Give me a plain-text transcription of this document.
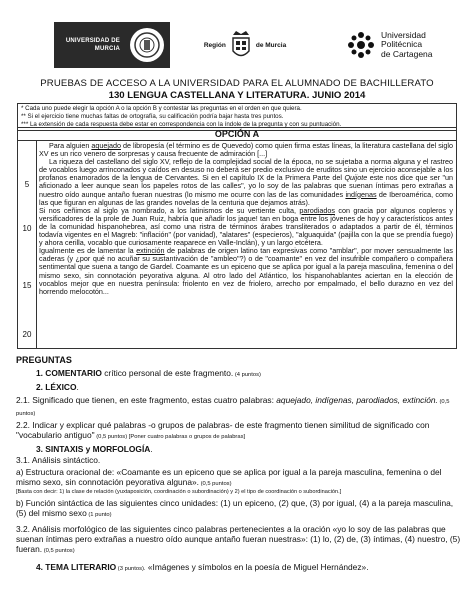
UNIVERSIDAD DE
MURCIA
Región	de Murcia
Universidad
Politécnica
de Cartagena
PRUEBAS DE ACCESO A LA UNIVERSIDAD PARA EL ALUMNADO DE BACHILLERATO
130 LENGUA CASTELLANA Y LITERATURA. JUNIO 2014
* Cada uno puede elegir la opción A o la opción B y contestar las preguntas en el orden en que quiera.
** Si el ejercicio tiene muchas faltas de ortografía, su calificación podría bajar hasta tres puntos.
*** La extensión de cada respuesta debe estar en correspondencia con la índole de la pregunta y con su puntuación.
OPCIÓN A
5
10
15
20

Para alguien aquejado de libropesía (el término es de Quevedo) como quien firma estas líneas, la literatura castellana del siglo XV es un rico venero de sorpresas y causa frecuente de admiración [...]

La riqueza del castellano del siglo XV, reflejo de la complejidad social de la época, no se sujetaba a norma alguna y el rastreo de vocablos luego arrinconados y caídos en desuso no deberá ser predio exclusivo de eruditos sino un ejercicio aconsejable a los profanos enamorados de la lengua de Cervantes. Si en el capítulo IX de la Primera Parte del Quijote este nos dice que ser "un aficionado a leer aunque sean los papeles rotos de las calles", yo lo soy de las palabras que suenan íntimas pero extrañas a nuestro oído aunque antaño fueran nuestras (lo mismo me ocurre con las de las comunidades indígenas de Iberoamérica, como las que figuran en algunas de las grandes novelas de la centuria que dejamos atrás).

Si nos ceñimos al siglo ya nombrado, a los latinismos de su vertiente culta, parodiados con gracia por algunos copleros y versificadores de la prole de Juan Ruiz, habría que añadir los jaque! tan en boga entre los jóvenes de hoy y característicos antes de la comunidad hispanohebrea, así como una ristra de términos árabes transliterados o adaptados a partir de él, términos todavía vigentes en el Magreb: "inflación" (por vanidad), "alatares" (especieros), "alguaquida" (pajilla con la que se prendía fuego) y ahora cerilla, vocablo que curiosamente reaparece en Valle-Inclán), y un largo etcétera.

Igualmente es de lamentar la extinción de palabras de origen latino tan expresivas como "amblar", por mover sensualmente las caderas (y ¿por qué no acuñar su sustantivación de "ambleo"?) o de "coamante" en vez del insufrible compañero o compañera sentimental que suena a tango de Gardel. Coamante es un epiceno que se aplica por igual a la pareja masculina, femenina o del mismo sexo, sin connotación peyorativa alguna. Al otro lado del Atlántico, los hispanohablantes aciertan en la elección de vocablos mejor que en nuestra península: friolento en vez de friolero, arrecho por empalmado, el bello durazno en vez del horrendo melocotón...

PREGUNTAS
1. COMENTARIO crítico personal de este fragmento. (4 puntos)
2. LÉXICO.
2.1. Significado que tienen, en este fragmento, estas cuatro palabras: aquejado, indígenas, parodiados, extinción. (0,5 puntos)
2.2. Indicar y explicar qué palabras -o grupos de palabras- de este fragmento tienen similitud de significado con "vocabulario antiguo" (0,5 puntos) [Poner cuatro palabras o grupos de palabras]
3. SINTAXIS y MORFOLOGÍA.
3.1. Análisis sintáctico.
a) Estructura oracional de: «Coamante es un epiceno que se aplica por igual a la pareja masculina, femenina o del mismo sexo, sin connotación peyorativa alguna». (0,5 puntos)
[Basta con decir: 1) la clase de relación (yuxtaposición, coordinación o subordinación) y 2) el tipo de coordinación o subordinación.]
b) Función sintáctica de las siguientes cinco unidades: (1) un epiceno, (2) que, (3) por igual, (4) a la pareja masculina, (5) del mismo sexo (1 punto)
3.2. Análisis morfológico de las siguientes cinco palabras pertenecientes a la oración «yo lo soy de las palabras que suenan íntimas pero extrañas a nuestro oído aunque antaño fueran nuestras»: (1) lo, (2) de, (3) íntimas, (4) nuestro, (5) fueran. (0,5 puntos)
4. TEMA LITERARIO (3 puntos). «Imágenes y símbolos en la poesía de Miguel Hernández».
